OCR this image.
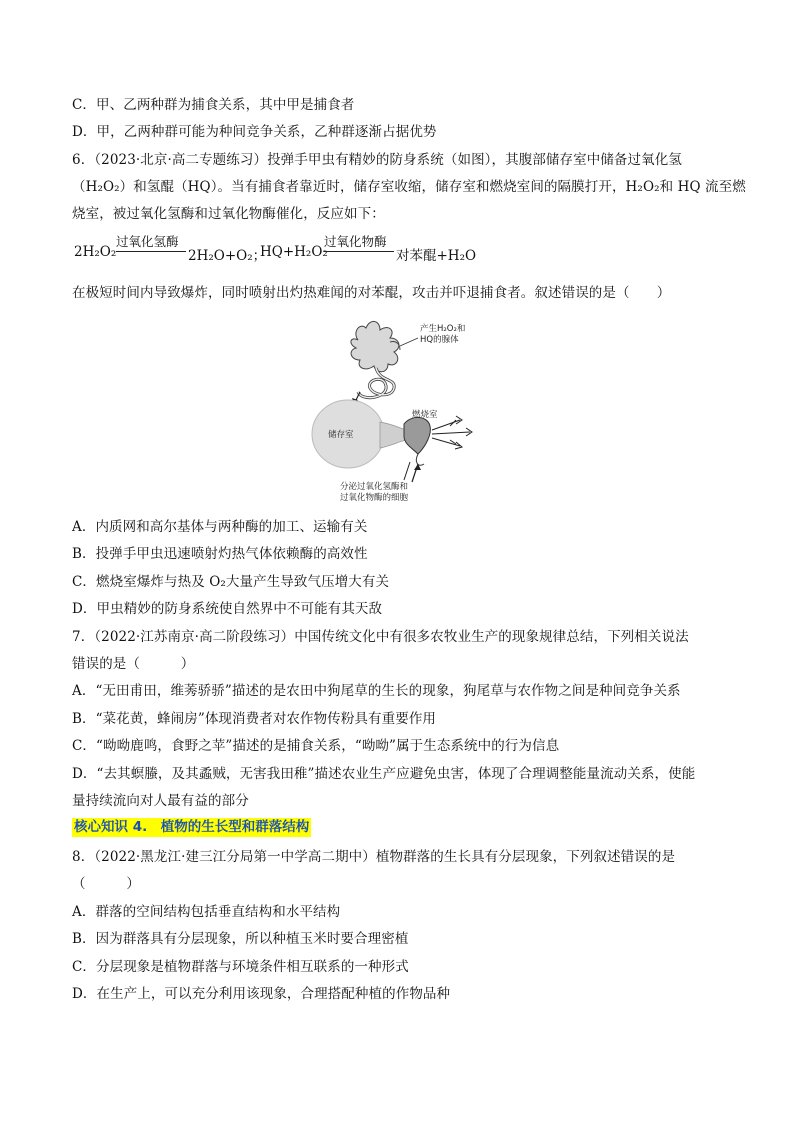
C．甲、乙两种群为捕食关系，其中甲是捕食者
D．甲，乙两种群可能为种间竞争关系，乙种群逐渐占据优势
6．（2023·北京·高二专题练习）投弹手甲虫有精妙的防身系统（如图），其腹部储存室中储备过氧化氢
（H₂O₂）和氢醌（HQ）。当有捕食者靠近时，储存室收缩，储存室和燃烧室间的隔膜打开，H₂O₂和 HQ 流至燃
烧室，被过氧化氢酶和过氧化物酶催化，反应如下：
2H₂O₂
过氧化氢酶
2H₂O+O₂；
HQ+H₂O₂
过氧化物酶
对苯醌+H₂O
在极短时间内导致爆炸，同时喷射出灼热难闻的对苯醌，攻击并吓退捕食者。叙述错误的是（　　）
产生H₂O₂和
HQ的腺体
燃烧室
储存室
分泌过氧化氢酶和
过氧化物酶的细胞
A．内质网和高尔基体与两种酶的加工、运输有关
B．投弹手甲虫迅速喷射灼热气体依赖酶的高效性
C．燃烧室爆炸与热及 O₂大量产生导致气压增大有关
D．甲虫精妙的防身系统使自然界中不可能有其天敌
7．（2022·江苏南京·高二阶段练习）中国传统文化中有很多农牧业生产的现象规律总结，下列相关说法
错误的是（　　　）
A．“无田甫田，维莠骄骄”描述的是农田中狗尾草的生长的现象，狗尾草与农作物之间是种间竞争关系
B．“菜花黄，蜂闹房”体现消费者对农作物传粉具有重要作用
C．“呦呦鹿鸣，食野之苹”描述的是捕食关系，“呦呦”属于生态系统中的行为信息
D．“去其螟螣，及其蟊贼，无害我田稚”描述农业生产应避免虫害，体现了合理调整能量流动关系，使能
量持续流向对人最有益的部分
核心知识 4.　植物的生长型和群落结构
8．（2022·黑龙江·建三江分局第一中学高二期中）植物群落的生长具有分层现象，下列叙述错误的是
（　　　）
A．群落的空间结构包括垂直结构和水平结构
B．因为群落具有分层现象，所以种植玉米时要合理密植
C．分层现象是植物群落与环境条件相互联系的一种形式
D．在生产上，可以充分利用该现象，合理搭配种植的作物品种
